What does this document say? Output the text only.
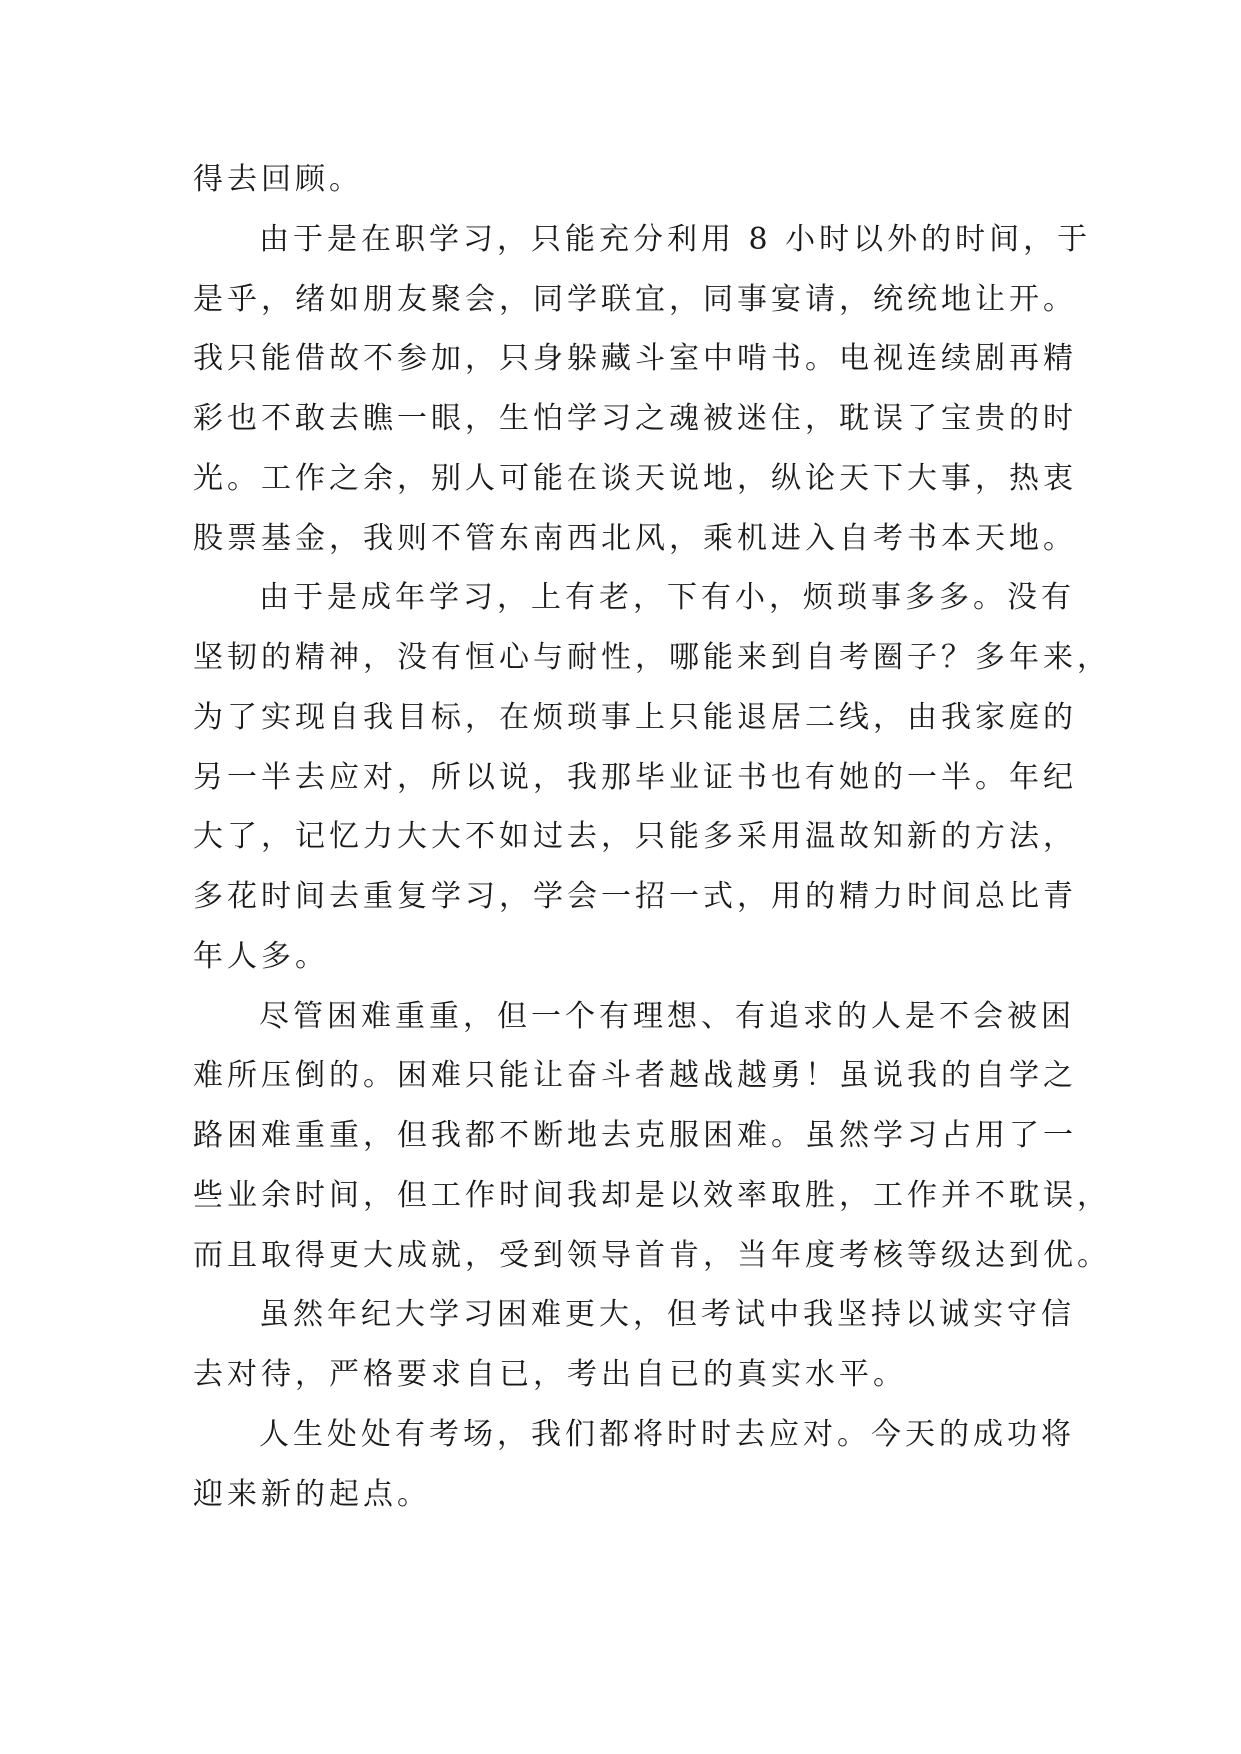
得去回顾。
由于是在职学习，只能充分利用 8 小时以外的时间，于
是乎，绪如朋友聚会，同学联宜，同事宴请，统统地让开。
我只能借故不参加，只身躲藏斗室中啃书。电视连续剧再精
彩也不敢去瞧一眼，生怕学习之魂被迷住，耽误了宝贵的时
光。工作之余，别人可能在谈天说地，纵论天下大事，热衷
股票基金，我则不管东南西北风，乘机进入自考书本天地。
由于是成年学习，上有老，下有小，烦琐事多多。没有
坚韧的精神，没有恒心与耐性，哪能来到自考圈子？多年来，
为了实现自我目标，在烦琐事上只能退居二线，由我家庭的
另一半去应对，所以说，我那毕业证书也有她的一半。年纪
大了，记忆力大大不如过去，只能多采用温故知新的方法，
多花时间去重复学习，学会一招一式，用的精力时间总比青
年人多。
尽管困难重重，但一个有理想、有追求的人是不会被困
难所压倒的。困难只能让奋斗者越战越勇！虽说我的自学之
路困难重重，但我都不断地去克服困难。虽然学习占用了一
些业余时间，但工作时间我却是以效率取胜，工作并不耽误，
而且取得更大成就，受到领导首肯，当年度考核等级达到优。
虽然年纪大学习困难更大，但考试中我坚持以诚实守信
去对待，严格要求自已，考出自已的真实水平。
人生处处有考场，我们都将时时去应对。今天的成功将
迎来新的起点。
